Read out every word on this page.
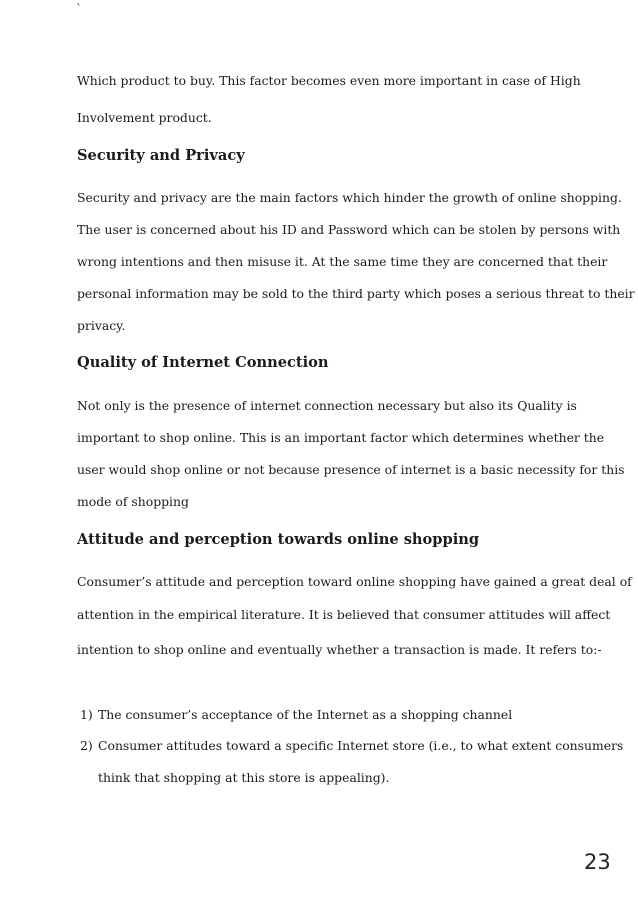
`
Which product to buy. This factor becomes even more important in case of High
Involvement product.
Security and Privacy
Security and privacy are the main factors which hinder the growth of online shopping.
The user is concerned about his ID and Password which can be stolen by persons with
wrong intentions and then misuse it. At the same time they are concerned that their
personal information may be sold to the third party which poses a serious threat to their
privacy.
Quality of Internet Connection
Not only is the presence of internet connection necessary but also its Quality is
important to shop online. This is an important factor which determines whether the
user would shop online or not because presence of internet is a basic necessity for this
mode of shopping
Attitude and perception towards online shopping
Consumer’s attitude and perception toward online shopping have gained a great deal of
attention in the empirical literature. It is believed that consumer attitudes will affect
intention to shop online and eventually whether a transaction is made. It refers to:-
1) The consumer’s acceptance of the Internet as a shopping channel
2) Consumer attitudes toward a specific Internet store (i.e., to what extent consumers
think that shopping at this store is appealing).
23
